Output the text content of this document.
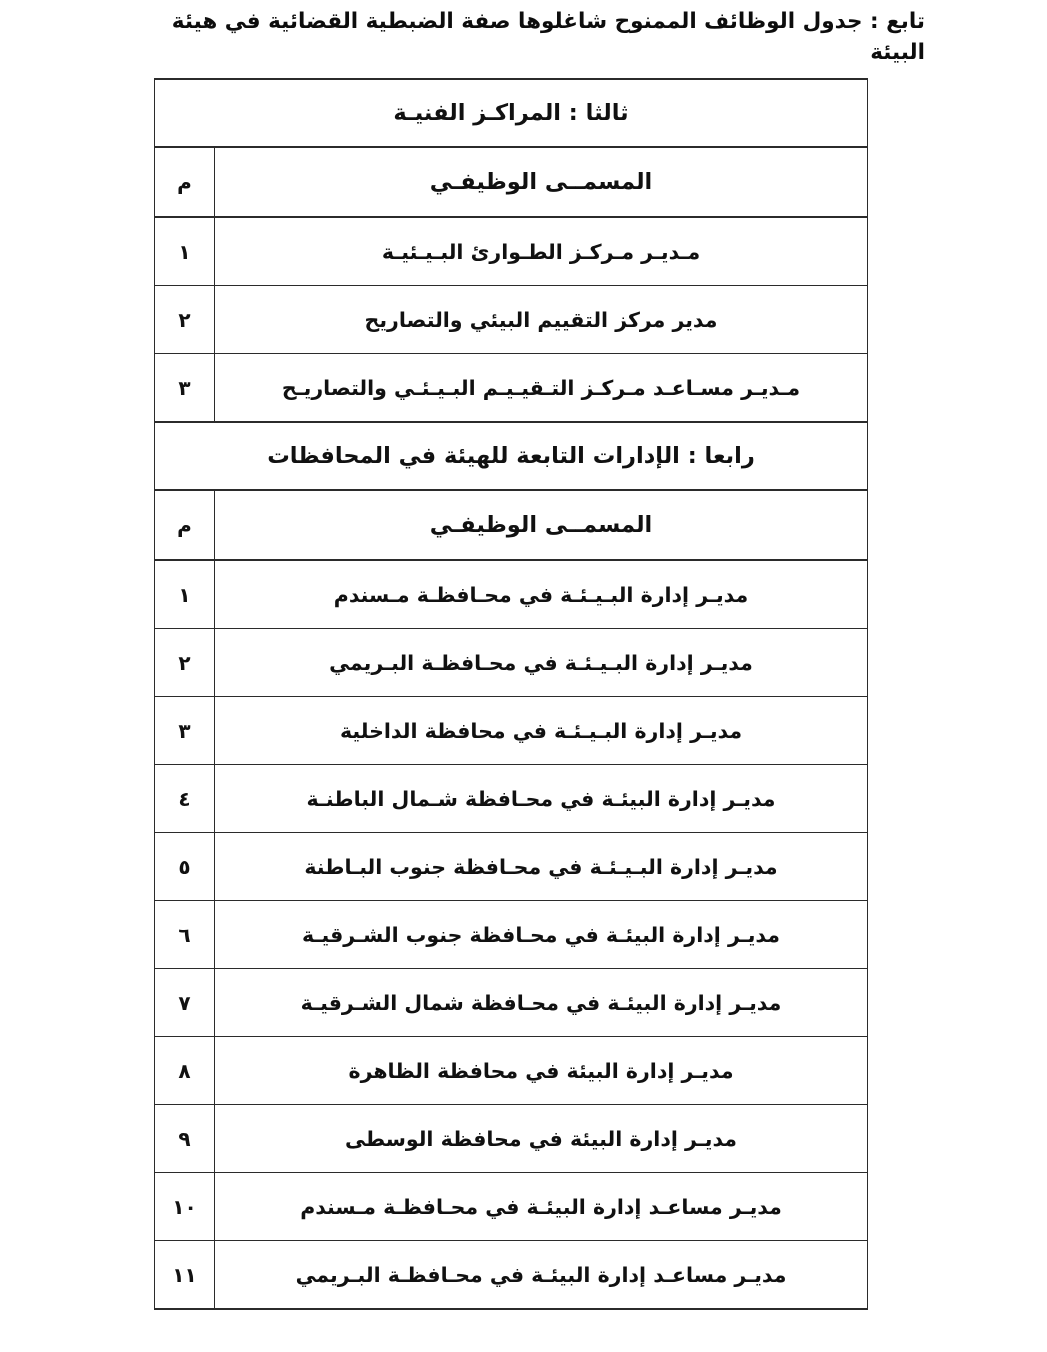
تابع : جدول الوظائف الممنوح شاغلوها صفة الضبطية القضائية في هيئة البيئة
ثالثا : المراكـز الفنيـة	
المسمــى الوظيفـي	م
مـديـر مـركـز الطـوارئ البـيـئيـة	١
مدير مركز التقييم البيئي والتصاريح	٢
مـديـر مسـاعـد مـركـز التـقيـيـم البـيـئـي والتصاريـح	٣
رابعا : الإدارات التابعة للهيئة في المحافظات	
المسمــى الوظيفـي	م
مديـر إدارة البـيـئـة في محـافظـة مـسندم	١
مديـر إدارة البـيـئـة في محـافظـة البـريمي	٢
مديـر إدارة البـيـئـة في محافظة الداخلية	٣
مديـر إدارة البيئـة في محـافظة شـمال الباطنـة	٤
مديـر إدارة البـيـئـة في محـافظة جنوب البـاطنة	٥
مديـر إدارة البيئـة في محـافظة جنوب الشـرقيـة	٦
مديـر إدارة البيئـة في محـافظة شمال الشـرقيـة	٧
مديـر إدارة البيئة في محافظة الظاهرة	٨
مديـر إدارة البيئة في محافظة الوسطى	٩
مديـر مساعـد إدارة البيئـة في محـافظـة مـسندم	١٠
مديـر مساعـد إدارة البيئـة في محـافظـة البـريمي	١١
